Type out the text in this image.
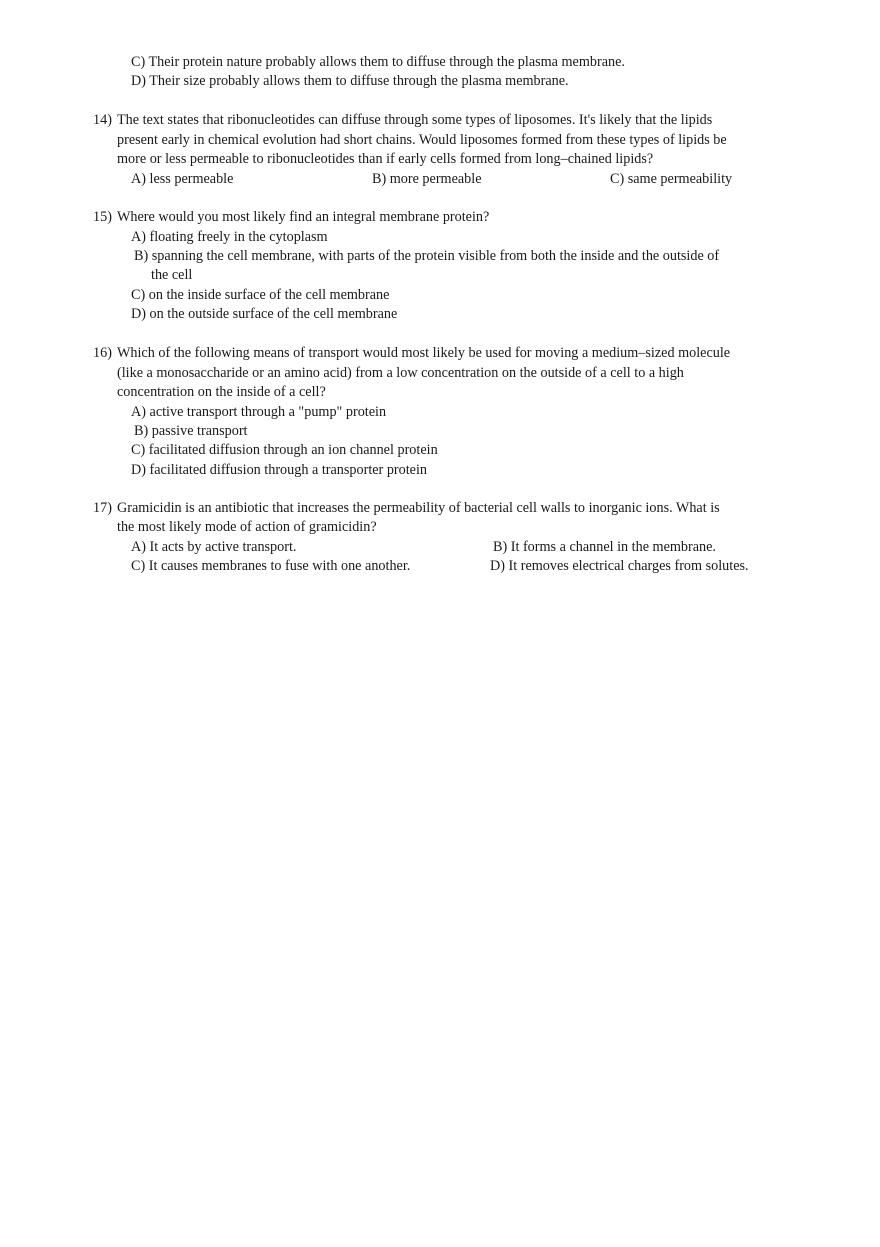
C) Their protein nature probably allows them to diffuse through the plasma membrane.
D) Their size probably allows them to diffuse through the plasma membrane.
14) The text states that ribonucleotides can diffuse through some types of liposomes. It's likely that the lipids
present early in chemical evolution had short chains. Would liposomes formed from these types of lipids be
more or less permeable to ribonucleotides than if early cells formed from long–chained lipids?
A) less permeable	B) more permeable	C) same permeability
15) Where would you most likely find an integral membrane protein?
A) floating freely in the cytoplasm
B) spanning the cell membrane, with parts of the protein visible from both the inside and the outside of
the cell
C) on the inside surface of the cell membrane
D) on the outside surface of the cell membrane
16) Which of the following means of transport would most likely be used for moving a medium–sized molecule
(like a monosaccharide or an amino acid) from a low concentration on the outside of a cell to a high
concentration on the inside of a cell?
A) active transport through a "pump" protein
B) passive transport
C) facilitated diffusion through an ion channel protein
D) facilitated diffusion through a transporter protein
17) Gramicidin is an antibiotic that increases the permeability of bacterial cell walls to inorganic ions. What is
the most likely mode of action of gramicidin?
A) It acts by active transport.	B) It forms a channel in the membrane.
C) It causes membranes to fuse with one another.	D) It removes electrical charges from solutes.
